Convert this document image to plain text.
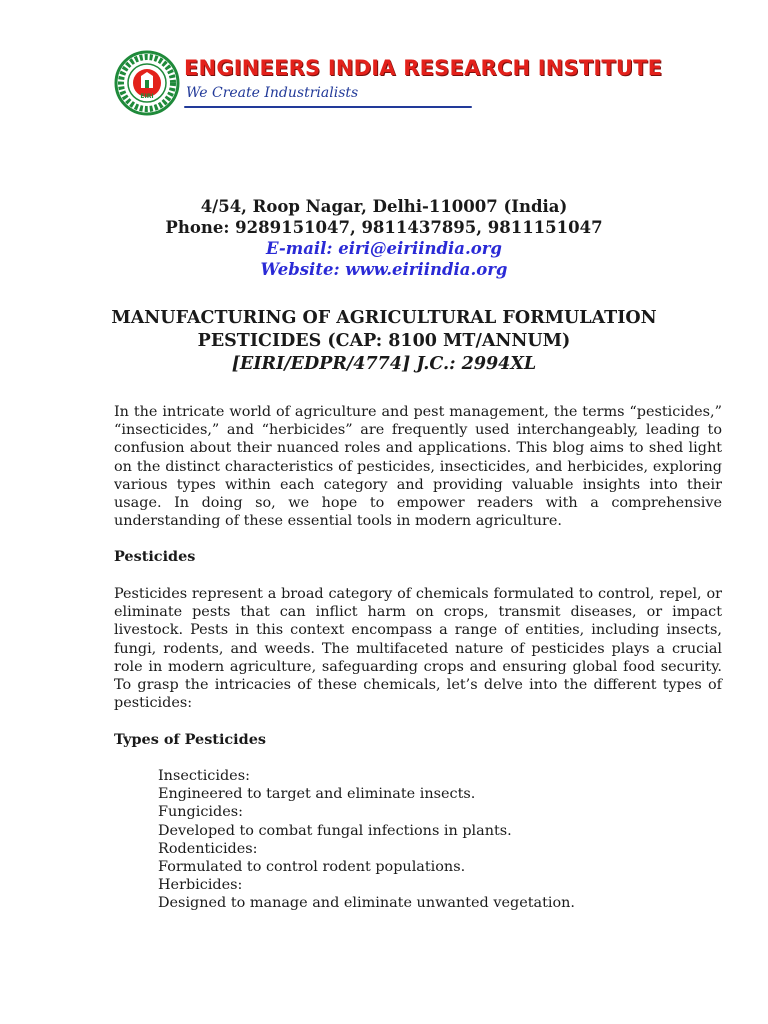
EIRI
ENGINEERS INDIA RESEARCH INSTITUTE
We Create Industrialists
4/54, Roop Nagar, Delhi-110007 (India)
Phone: 9289151047, 9811437895, 9811151047
E-mail: eiri@eiriindia.org
Website: www.eiriindia.org
MANUFACTURING OF AGRICULTURAL FORMULATION
PESTICIDES (CAP: 8100 MT/ANNUM)
[EIRI/EDPR/4774] J.C.: 2994XL
In the intricate world of agriculture and pest management, the terms “pesticides,” “insecticides,” and “herbicides” are frequently used interchangeably, leading to confusion about their nuanced roles and applications. This blog aims to shed light on the distinct characteristics of pesticides, insecticides, and herbicides, exploring various types within each category and providing valuable insights into their usage. In doing so, we hope to empower readers with a comprehensive understanding of these essential tools in modern agriculture.
Pesticides
Pesticides represent a broad category of chemicals formulated to control, repel, or eliminate pests that can inflict harm on crops, transmit diseases, or impact livestock. Pests in this context encompass a range of entities, including insects, fungi, rodents, and weeds. The multifaceted nature of pesticides plays a crucial role in modern agriculture, safeguarding crops and ensuring global food security. To grasp the intricacies of these chemicals, let’s delve into the different types of pesticides:
Types of Pesticides
Insecticides:
Engineered to target and eliminate insects.
Fungicides:
Developed to combat fungal infections in plants.
Rodenticides:
Formulated to control rodent populations.
Herbicides:
Designed to manage and eliminate unwanted vegetation.
